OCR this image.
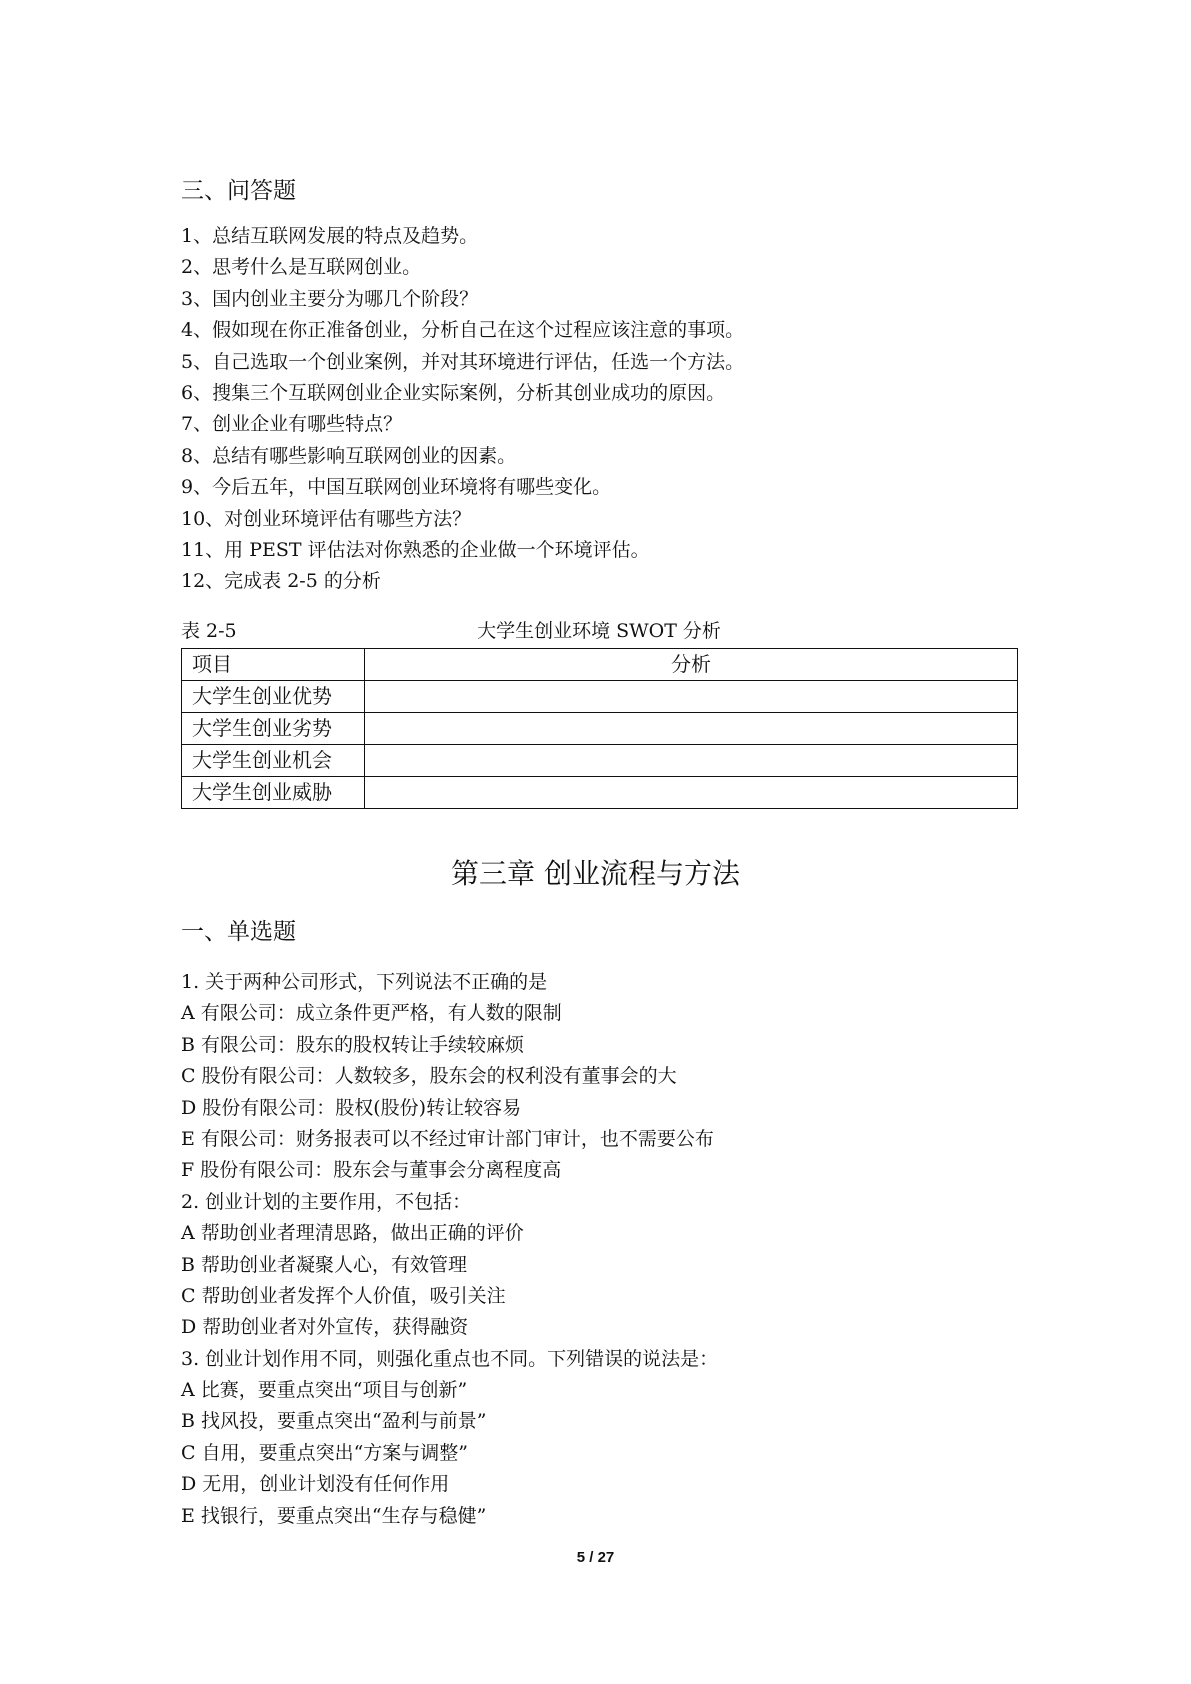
三、问答题
1、总结互联网发展的特点及趋势。
2、思考什么是互联网创业。
3、国内创业主要分为哪几个阶段？
4、假如现在你正准备创业，分析自己在这个过程应该注意的事项。
5、自己选取一个创业案例，并对其环境进行评估，任选一个方法。
6、搜集三个互联网创业企业实际案例，分析其创业成功的原因。
7、创业企业有哪些特点？
8、总结有哪些影响互联网创业的因素。
9、今后五年，中国互联网创业环境将有哪些变化。
10、对创业环境评估有哪些方法？
11、用 PEST 评估法对你熟悉的企业做一个环境评估。
12、完成表 2-5 的分析
大学生创业环境 SWOT 分析
表 2-5
项目	分析
大学生创业优势	
大学生创业劣势	
大学生创业机会	
大学生创业威胁	
第三章 创业流程与方法
一、单选题
1. 关于两种公司形式，下列说法不正确的是
A 有限公司：成立条件更严格，有人数的限制
B 有限公司：股东的股权转让手续较麻烦
C 股份有限公司：人数较多，股东会的权利没有董事会的大
D 股份有限公司：股权(股份)转让较容易
E 有限公司：财务报表可以不经过审计部门审计，也不需要公布
F 股份有限公司：股东会与董事会分离程度高
2. 创业计划的主要作用，不包括：
A 帮助创业者理清思路，做出正确的评价
B 帮助创业者凝聚人心，有效管理
C 帮助创业者发挥个人价值，吸引关注
D 帮助创业者对外宣传，获得融资
3. 创业计划作用不同，则强化重点也不同。下列错误的说法是：
A 比赛，要重点突出“项目与创新”
B 找风投，要重点突出“盈利与前景”
C 自用，要重点突出“方案与调整”
D 无用，创业计划没有任何作用
E 找银行，要重点突出“生存与稳健”
5 / 27
